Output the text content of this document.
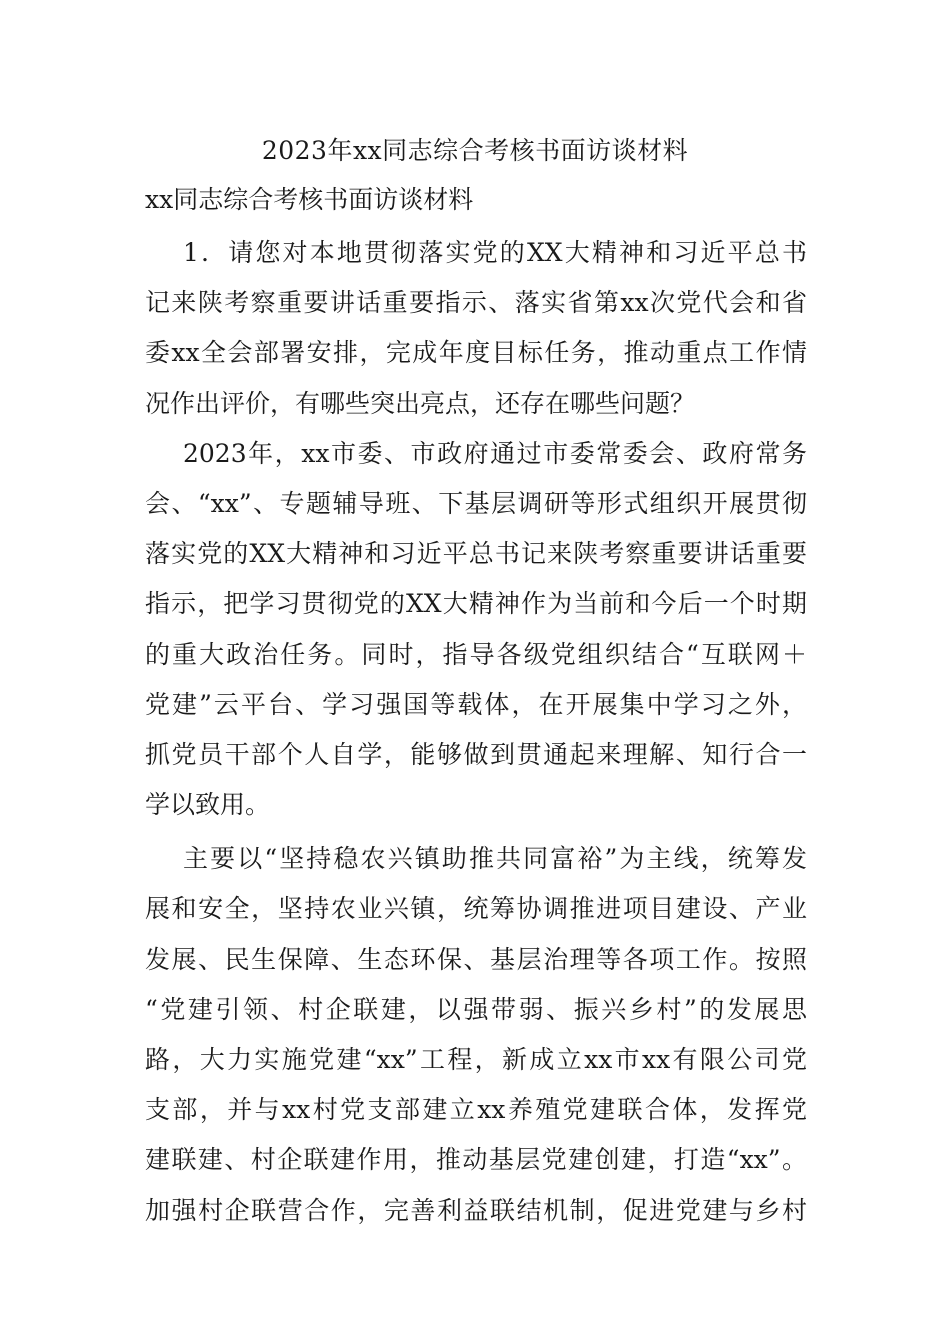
2023年xx同志综合考核书面访谈材料
xx同志综合考核书面访谈材料
1．请您对本地贯彻落实党的XX大精神和习近平总书
记来陕考察重要讲话重要指示、落实省第xx次党代会和省
委xx全会部署安排，完成年度目标任务，推动重点工作情
况作出评价，有哪些突出亮点，还存在哪些问题？
2023年，xx市委、市政府通过市委常委会、政府常务
会、“xx”、专题辅导班、下基层调研等形式组织开展贯彻
落实党的XX大精神和习近平总书记来陕考察重要讲话重要
指示，把学习贯彻党的XX大精神作为当前和今后一个时期
的重大政治任务。同时，指导各级党组织结合“互联网＋
党建”云平台、学习强国等载体，在开展集中学习之外，
抓党员干部个人自学，能够做到贯通起来理解、知行合一
学以致用。
主要以“坚持稳农兴镇助推共同富裕”为主线，统筹发
展和安全，坚持农业兴镇，统筹协调推进项目建设、产业
发展、民生保障、生态环保、基层治理等各项工作。按照
“党建引领、村企联建，以强带弱、振兴乡村”的发展思
路，大力实施党建“xx”工程，新成立xx市xx有限公司党
支部，并与xx村党支部建立xx养殖党建联合体，发挥党
建联建、村企联建作用，推动基层党建创建，打造“xx”。
加强村企联营合作，完善利益联结机制，促进党建与乡村
